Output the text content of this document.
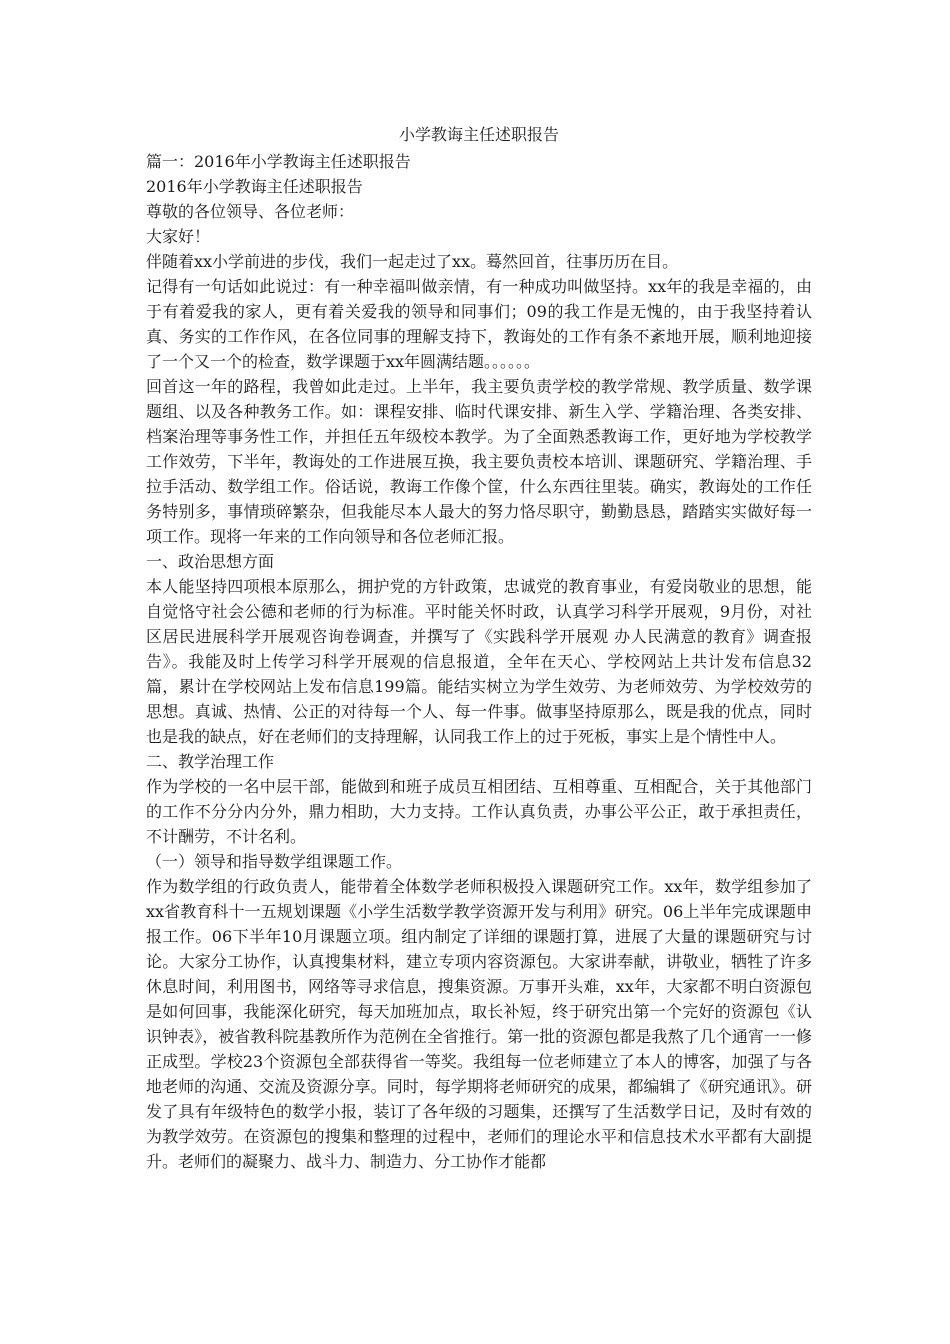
小学教诲主任述职报告

篇一：2016年小学教诲主任述职报告

2016年小学教诲主任述职报告

尊敬的各位领导、各位老师：

大家好！

伴随着xx小学前进的步伐，我们一起走过了xx。蓦然回首，往事历历在目。

记得有一句话如此说过：有一种幸福叫做亲情，有一种成功叫做坚持。xx年的我是幸福的，由于有着爱我的家人，更有着关爱我的领导和同事们；09的我工作是无愧的，由于我坚持着认真、务实的工作作风，在各位同事的理解支持下，教诲处的工作有条不紊地开展，顺利地迎接了一个又一个的检查，数学课题于xx年圆满结题。。。。。。

回首这一年的路程，我曾如此走过。上半年，我主要负责学校的教学常规、教学质量、数学课题组、以及各种教务工作。如：课程安排、临时代课安排、新生入学、学籍治理、各类安排、档案治理等事务性工作，并担任五年级校本教学。为了全面熟悉教诲工作，更好地为学校教学工作效劳，下半年，教诲处的工作进展互换，我主要负责校本培训、课题研究、学籍治理、手拉手活动、数学组工作。俗话说，教诲工作像个筐，什么东西往里装。确实，教诲处的工作任务特别多，事情琐碎繁杂，但我能尽本人最大的努力恪尽职守，勤勤恳恳，踏踏实实做好每一项工作。现将一年来的工作向领导和各位老师汇报。

一、政治思想方面

本人能坚持四项根本原那么，拥护党的方针政策，忠诚党的教育事业，有爱岗敬业的思想，能自觉恪守社会公德和老师的行为标准。平时能关怀时政，认真学习科学开展观，9月份，对社区居民进展科学开展观咨询卷调查，并撰写了《实践科学开展观 办人民满意的教育》调查报告》。我能及时上传学习科学开展观的信息报道，全年在天心、学校网站上共计发布信息32篇，累计在学校网站上发布信息199篇。能结实树立为学生效劳、为老师效劳、为学校效劳的思想。真诚、热情、公正的对待每一个人、每一件事。做事坚持原那么，既是我的优点，同时也是我的缺点，好在老师们的支持理解，认同我工作上的过于死板，事实上是个情性中人。

二、教学治理工作

作为学校的一名中层干部，能做到和班子成员互相团结、互相尊重、互相配合，关于其他部门的工作不分分内分外，鼎力相助，大力支持。工作认真负责，办事公平公正，敢于承担责任，不计酬劳，不计名利。

（一）领导和指导数学组课题工作。

作为数学组的行政负责人，能带着全体数学老师积极投入课题研究工作。xx年，数学组参加了xx省教育科十一五规划课题《小学生活数学教学资源开发与利用》研究。06上半年完成课题申报工作。06下半年10月课题立项。组内制定了详细的课题打算，进展了大量的课题研究与讨论。大家分工协作，认真搜集材料，建立专项内容资源包。大家讲奉献，讲敬业，牺牲了许多休息时间，利用图书，网络等寻求信息，搜集资源。万事开头难，xx年，大家都不明白资源包是如何回事，我能深化研究，每天加班加点，取长补短，终于研究出第一个完好的资源包《认识钟表》，被省教科院基教所作为范例在全省推行。第一批的资源包都是我熬了几个通宵一一修正成型。学校23个资源包全部获得省一等奖。我组每一位老师建立了本人的博客，加强了与各地老师的沟通、交流及资源分享。同时，每学期将老师研究的成果，都编辑了《研究通讯》。研发了具有年级特色的数学小报，装订了各年级的习题集，还撰写了生活数学日记，及时有效的为教学效劳。在资源包的搜集和整理的过程中，老师们的理论水平和信息技术水平都有大副提升。老师们的凝聚力、战斗力、制造力、分工协作才能都
